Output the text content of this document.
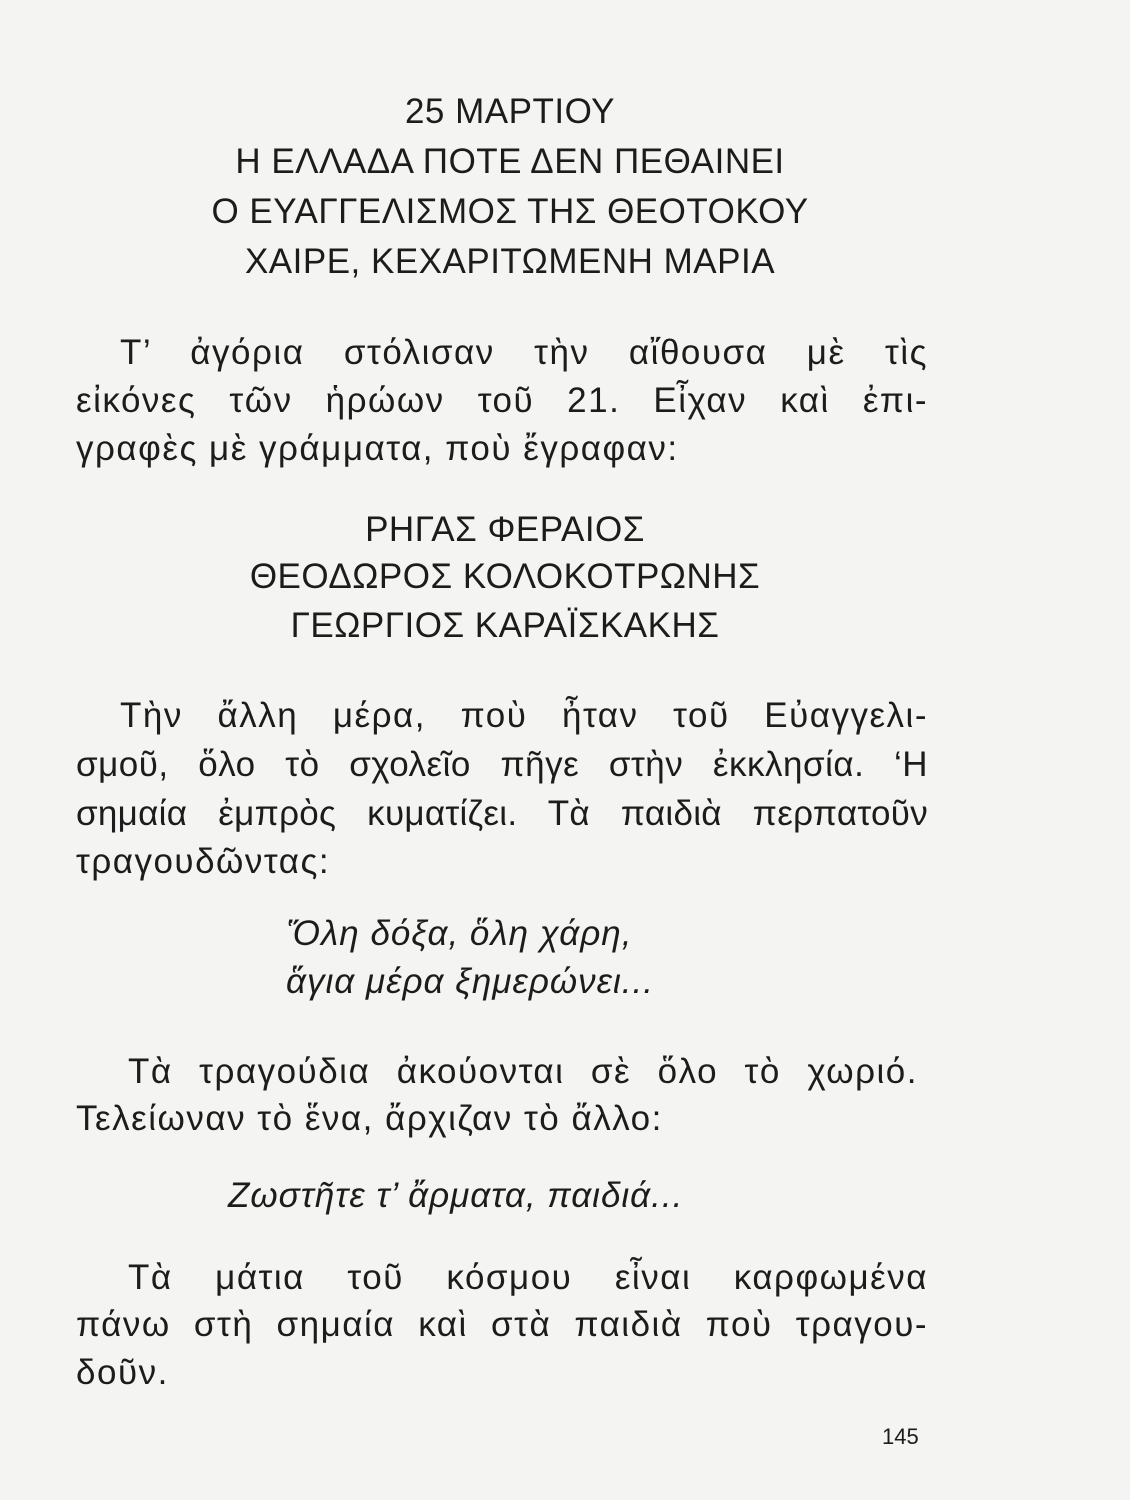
25 ΜΑΡΤΙΟΥ
Η ΕΛΛΑΔΑ ΠΟΤΕ ΔΕΝ ΠΕΘΑΙΝΕΙ
Ο ΕΥΑΓΓΕΛΙΣΜΟΣ ΤΗΣ ΘΕΟΤΟΚΟΥ
ΧΑΙΡΕ, ΚΕΧΑΡΙΤΩΜΕΝΗ ΜΑΡΙΑ
Τ’ ἀγόρια στόλισαν τὴν αἴθουσα μὲ τὶς
εἰκόνες τῶν ἡρώων τοῦ 21. Εἶχαν καὶ ἐπι-
γραφὲς μὲ γράμματα, ποὺ ἔγραφαν:
ΡΗΓΑΣ ΦΕΡΑΙΟΣ
ΘΕΟΔΩΡΟΣ ΚΟΛΟΚΟΤΡΩΝΗΣ
ΓΕΩΡΓΙΟΣ ΚΑΡΑΪΣΚΑΚΗΣ
Τὴν ἄλλη μέρα, ποὺ ἦταν τοῦ Εὐαγγελι-
σμοῦ, ὅλο τὸ σχολεῖο πῆγε στὴν ἐκκλησία. ‘Η
σημαία ἐμπρὸς κυματίζει. Τὰ παιδιὰ περπατοῦν
τραγουδῶντας:
Ὅλη δόξα, ὅλη χάρη,
ἅγια μέρα ξημερώνει...
Τὰ τραγούδια ἀκούονται σὲ ὅλο τὸ χωριό.
Τελείωναν τὸ ἕνα, ἄρχιζαν τὸ ἄλλο:
Ζωστῆτε τ’ ἄρματα, παιδιά...
Τὰ μάτια τοῦ κόσμου εἶναι καρφωμένα
πάνω στὴ σημαία καὶ στὰ παιδιὰ ποὺ τραγου-
δοῦν.
145
